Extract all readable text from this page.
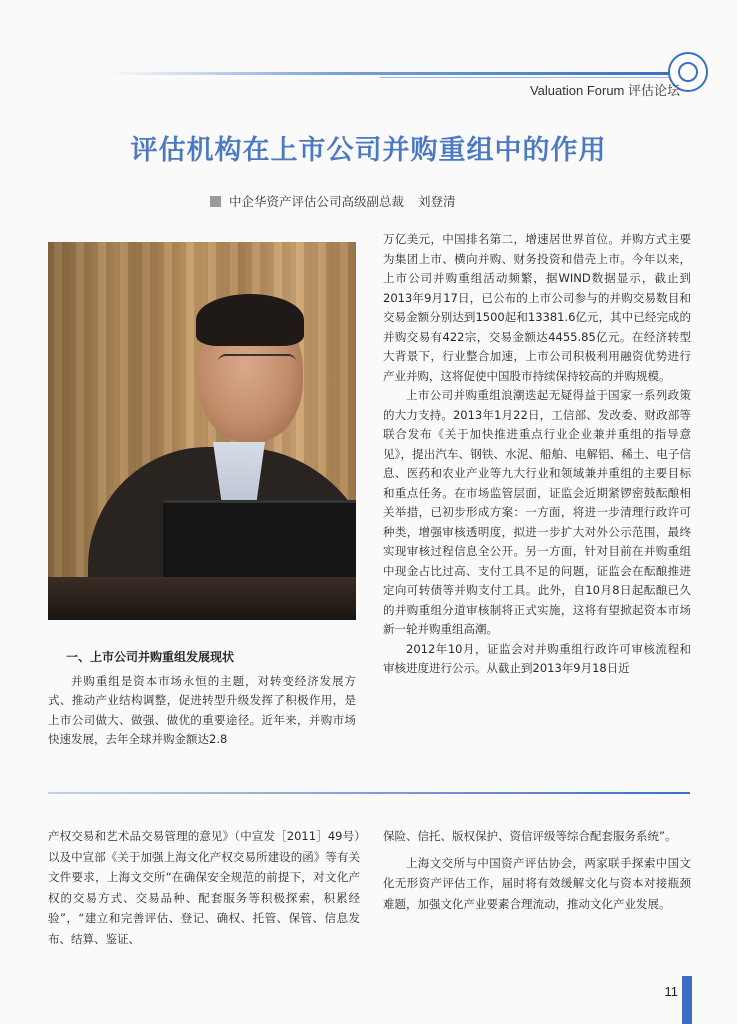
Valuation Forum 评估论坛
评估机构在上市公司并购重组中的作用
中企华资产评估公司高级副总裁 刘登清
一、上市公司并购重组发展现状

并购重组是资本市场永恒的主题，对转变经济发展方式、推动产业结构调整，促进转型升级发挥了积极作用，是上市公司做大、做强、做优的重要途径。近年来，并购市场快速发展，去年全球并购金额达2.8

万亿美元，中国排名第二，增速居世界首位。并购方式主要为集团上市、横向并购、财务投资和借壳上市。今年以来，上市公司并购重组活动频繁，据WIND数据显示，截止到2013年9月17日，已公布的上市公司参与的并购交易数目和交易金额分别达到1500起和13381.6亿元，其中已经完成的并购交易有422宗，交易金额达4455.85亿元。在经济转型大背景下，行业整合加速，上市公司积极利用融资优势进行产业并购，这将促使中国股市持续保持较高的并购规模。

上市公司并购重组浪潮迭起无疑得益于国家一系列政策的大力支持。2013年1月22日，工信部、发改委、财政部等联合发布《关于加快推进重点行业企业兼并重组的指导意见》，提出汽车、钢铁、水泥、船舶、电解铝、稀土、电子信息、医药和农业产业等九大行业和领域兼并重组的主要目标和重点任务。在市场监管层面，证监会近期紧锣密鼓酝酿相关举措，已初步形成方案：一方面，将进一步清理行政许可种类，增强审核透明度，拟进一步扩大对外公示范围，最终实现审核过程信息全公开。另一方面，针对目前在并购重组中现金占比过高、支付工具不足的问题，证监会在酝酿推进定向可转债等并购支付工具。此外，自10月8日起酝酿已久的并购重组分道审核制将正式实施，这将有望掀起资本市场新一轮并购重组高潮。

2012年10月，证监会对并购重组行政许可审核流程和审核进度进行公示。从截止到2013年9月18日近

产权交易和艺术品交易管理的意见》（中宣发［2011］49号）以及中宣部《关于加强上海文化产权交易所建设的函》等有关文件要求，上海文交所“在确保安全规范的前提下，对文化产权的交易方式、交易品种、配套服务等积极探索，积累经验”，“建立和完善评估、登记、确权、托管、保管、信息发布、结算、鉴证、

保险、信托、版权保护、资信评级等综合配套服务系统”。

上海文交所与中国资产评估协会，两家联手探索中国文化无形资产评估工作，届时将有效缓解文化与资本对接瓶颈难题，加强文化产业要素合理流动，推动文化产业发展。

11
